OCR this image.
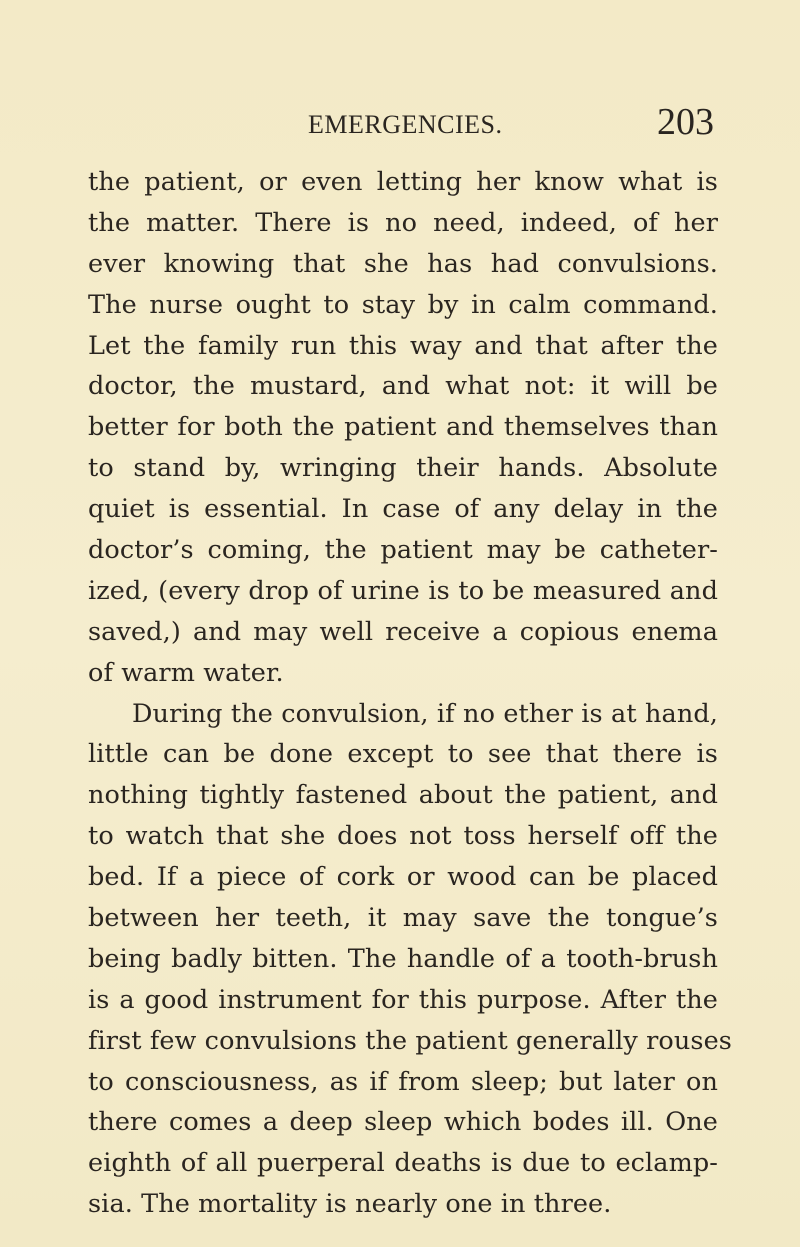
EMERGENCIES.	203
the patient, or even letting her know what is
the matter. There is no need, indeed, of her
ever knowing that she has had convulsions.
The nurse ought to stay by in calm command.
Let the family run this way and that after the
doctor, the mustard, and what not: it will be
better for both the patient and themselves than
to stand by, wringing their hands. Absolute
quiet is essential. In case of any delay in the
doctor’s coming, the patient may be catheter-
ized, (every drop of urine is to be measured and
saved,) and may well receive a copious enema
of warm water.
During the convulsion, if no ether is at hand,
little can be done except to see that there is
nothing tightly fastened about the patient, and
to watch that she does not toss herself off the
bed. If a piece of cork or wood can be placed
between her teeth, it may save the tongue’s
being badly bitten. The handle of a tooth-brush
is a good instrument for this purpose. After the
first few convulsions the patient generally rouses
to consciousness, as if from sleep; but later on
there comes a deep sleep which bodes ill. One
eighth of all puerperal deaths is due to eclamp-
sia. The mortality is nearly one in three.
